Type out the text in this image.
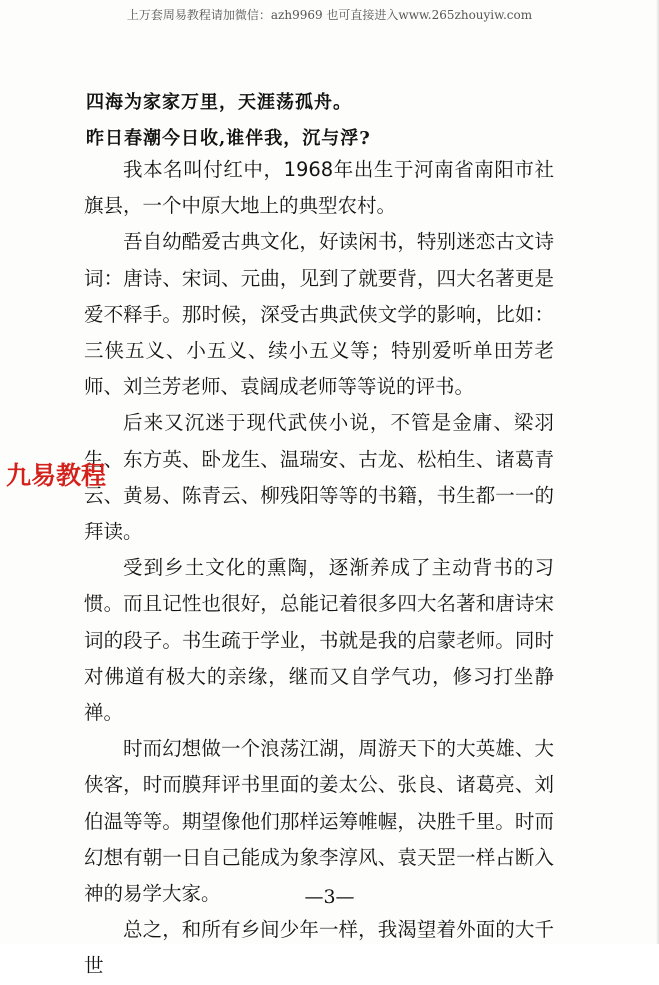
上万套周易教程请加微信：azh9969 也可直接进入www.265zhouyiw.com
四海为家家万里，天涯荡孤舟。
昨日春潮今日收,谁伴我，沉与浮?

我本名叫付红中，1968年出生于河南省南阳市社旗县，一个中原大地上的典型农村。

吾自幼酷爱古典文化，好读闲书，特别迷恋古文诗词：唐诗、宋词、元曲，见到了就要背，四大名著更是爱不释手。那时候，深受古典武侠文学的影响，比如：三侠五义、小五义、续小五义等；特别爱听单田芳老师、刘兰芳老师、袁阔成老师等等说的评书。

后来又沉迷于现代武侠小说，不管是金庸、梁羽生、东方英、卧龙生、温瑞安、古龙、松柏生、诸葛青云、黄易、陈青云、柳残阳等等的书籍，书生都一一的拜读。

受到乡土文化的熏陶，逐渐养成了主动背书的习惯。而且记性也很好，总能记着很多四大名著和唐诗宋词的段子。书生疏于学业，书就是我的启蒙老师。同时对佛道有极大的亲缘，继而又自学气功，修习打坐静禅。

时而幻想做一个浪荡江湖，周游天下的大英雄、大侠客，时而膜拜评书里面的姜太公、张良、诸葛亮、刘伯温等等。期望像他们那样运筹帷幄，决胜千里。时而幻想有朝一日自己能成为象李淳风、袁天罡一样占断入神的易学大家。

总之，和所有乡间少年一样，我渴望着外面的大千世

九易教程
—3—
